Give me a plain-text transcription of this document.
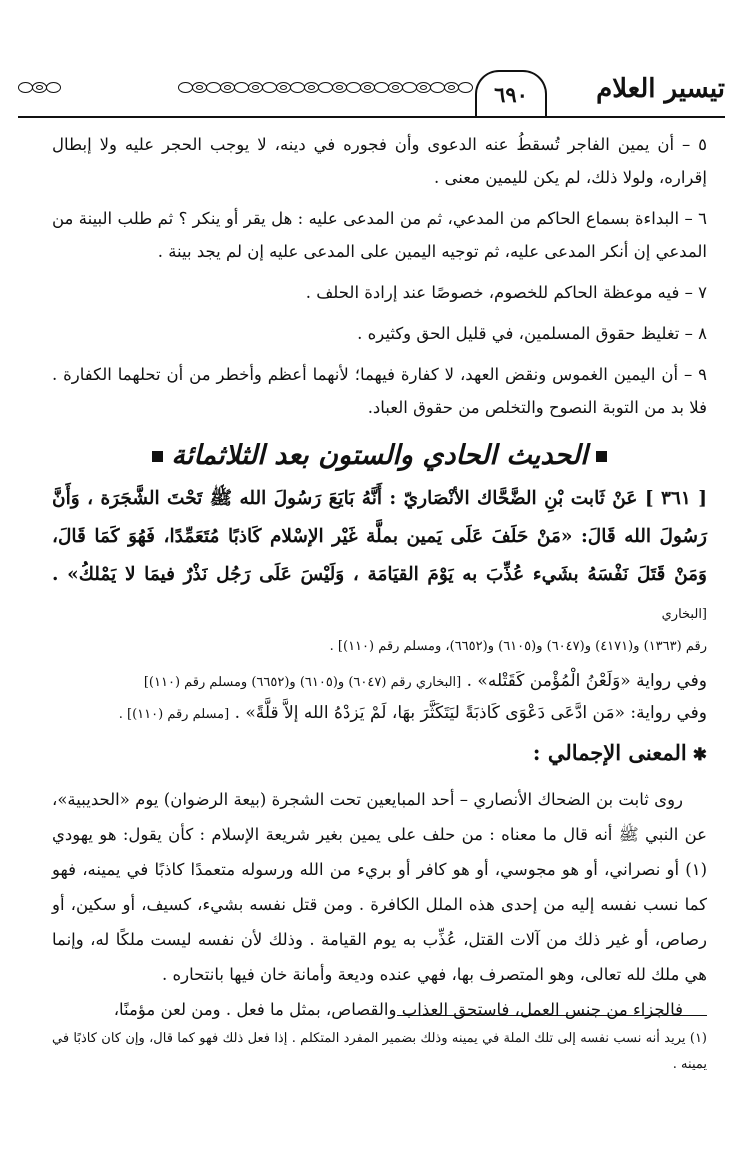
٦٩٠	تيسير العلام

٥ – أن يمين الفاجر تُسقطُ عنه الدعوى وأن فجوره في دينه، لا يوجب الحجر عليه ولا إبطال إقراره، ولولا ذلك، لم يكن لليمين معنى .

٦ – البداءة بسماع الحاكم من المدعي، ثم من المدعى عليه : هل يقر أو ينكر ؟ ثم طلب البينة من المدعي إن أنكر المدعى عليه، ثم توجيه اليمين على المدعى عليه إن لم يجد بينة .

٧ – فيه موعظة الحاكم للخصوم، خصوصًا عند إرادة الحلف .

٨ – تغليظ حقوق المسلمين، في قليل الحق وكثيره .

٩ – أن اليمين الغموس ونقض العهد، لا كفارة فيهما؛ لأنهما أعظم وأخطر من أن تحلهما الكفارة . فلا بد من التوبة النصوح والتخلص من حقوق العباد.

الحديث الحادي والستون بعد الثلاثمائة

[ ٣٦١ ] عَنْ ثَابت بْنِ الضَّحَّاك الأنْصَاريّ : أَنَّهُ بَايَعَ رَسُولَ الله ﷺ تَحْتَ الشَّجَرَة ، وَأَنَّ رَسُولَ الله قَالَ: «مَنْ حَلَفَ عَلَى يَمين بملَّة غَيْر الإسْلام كَاذبًا مُتَعَمِّدًا، فَهُوَ كَمَا قَالَ، وَمَنْ قَتَلَ نَفْسَهُ بشَيء عُذِّبَ به يَوْمَ القيَامَة ، وَلَيْسَ عَلَى رَجُل نَذْرٌ فيمَا لا يَمْلكُ» . [البخاري

رقم (١٣٦٣) و(٤١٧١) و(٦٠٤٧) و(٦١٠٥) و(٦٦٥٢)، ومسلم رقم (١١٠)] .

وفي رواية «وَلَعْنُ الْمُؤْمن كَقَتْله» . [البخاري رقم (٦٠٤٧) و(٦١٠٥) و(٦٦٥٢) ومسلم رقم (١١٠)]

وفي رواية: «مَن ادَّعَى دَعْوَى كَاذبَةً ليَتَكَثَّرَ بهَا، لَمْ يَزدْهُ الله إلاَّ قلَّةً» . [مسلم رقم (١١٠)] .

✱المعنى الإجمالي :

روى ثابت بن الضحاك الأنصاري – أحد المبايعين تحت الشجرة (بيعة الرضوان) يوم «الحديبية»، عن النبي ﷺ أنه قال ما معناه : من حلف على يمين بغير شريعة الإسلام : كأن يقول: هو يهودي (١) أو نصراني، أو هو مجوسي، أو هو كافر أو بريء من الله ورسوله متعمدًا كاذبًا في يمينه، فهو كما نسب نفسه إليه من إحدى هذه الملل الكافرة . ومن قتل نفسه بشيء، كسيف، أو سكين، أو رصاص، أو غير ذلك من آلات القتل، عُذِّب به يوم القيامة . وذلك لأن نفسه ليست ملكًا له، وإنما هي ملك لله تعالى، وهو المتصرف بها، فهي عنده وديعة وأمانة خان فيها بانتحاره .

فالجزاء من جنس العمل، فاستحق العذاب والقصاص، بمثل ما فعل . ومن لعن مؤمنًا،

(١) يريد أنه نسب نفسه إلى تلك الملة في يمينه وذلك بضمير المفرد المتكلم . إذا فعل ذلك فهو كما قال، وإن كان كاذبًا في يمينه .
